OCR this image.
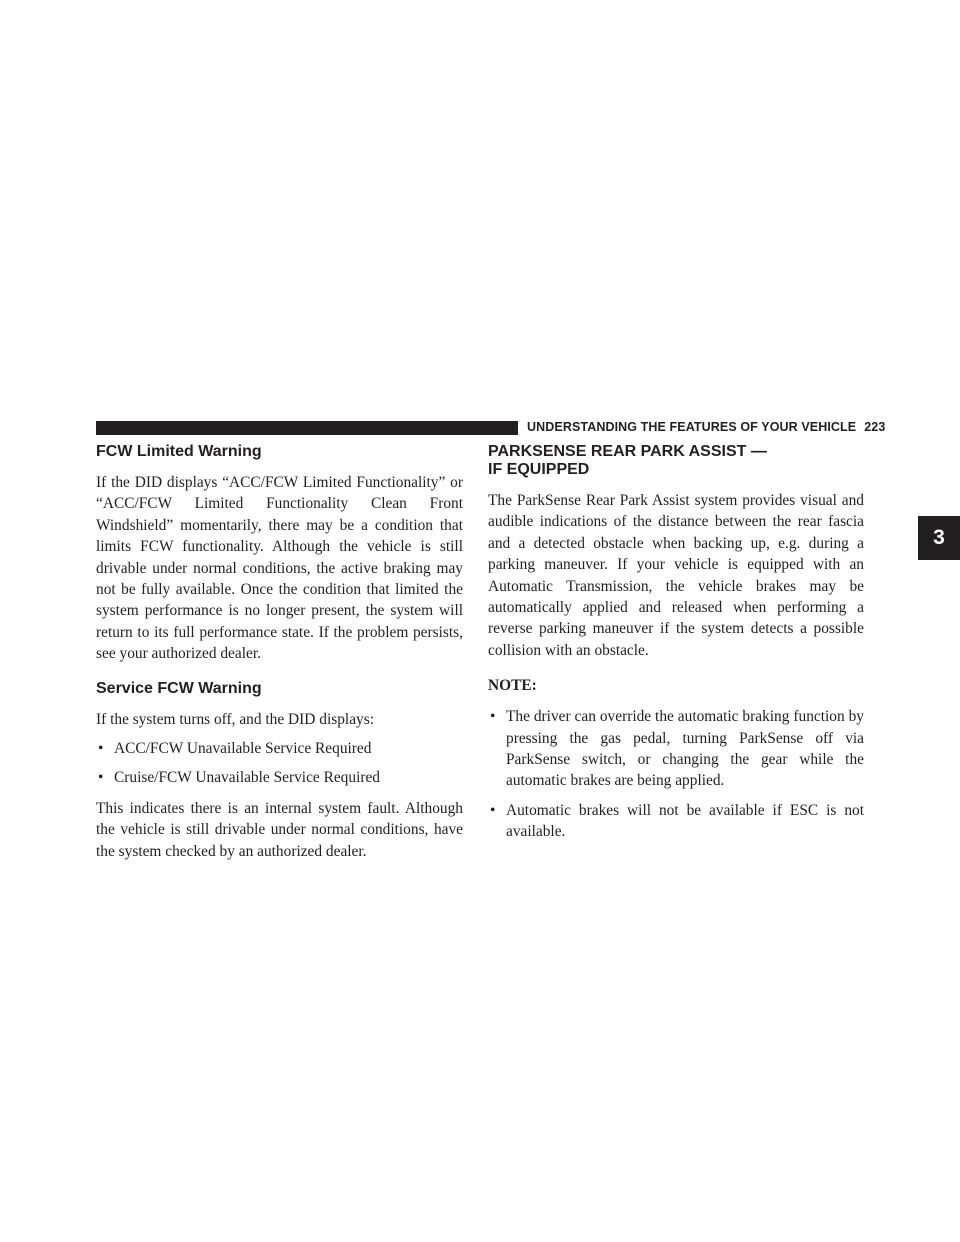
UNDERSTANDING THE FEATURES OF YOUR VEHICLE 223
3
FCW Limited Warning

If the DID displays “ACC/FCW Limited Functionality” or “ACC/FCW Limited Functionality Clean Front Windshield” momentarily, there may be a condition that limits FCW functionality. Although the vehicle is still drivable under normal conditions, the active braking may not be fully available. Once the condition that limited the system performance is no longer present, the system will return to its full performance state. If the problem persists, see your authorized dealer.

Service FCW Warning

If the system turns off, and the DID displays:

• ACC/FCW Unavailable Service Required
• Cruise/FCW Unavailable Service Required

This indicates there is an internal system fault. Although the vehicle is still drivable under normal conditions, have the system checked by an authorized dealer.

PARKSENSE REAR PARK ASSIST —
IF EQUIPPED

The ParkSense Rear Park Assist system provides visual and audible indications of the distance between the rear fascia and a detected obstacle when backing up, e.g. during a parking maneuver. If your vehicle is equipped with an Automatic Transmission, the vehicle brakes may be automatically applied and released when performing a reverse parking maneuver if the system detects a possible collision with an obstacle.

NOTE:
• The driver can override the automatic braking function by pressing the gas pedal, turning ParkSense off via ParkSense switch, or changing the gear while the automatic brakes are being applied.
• Automatic brakes will not be available if ESC is not available.
